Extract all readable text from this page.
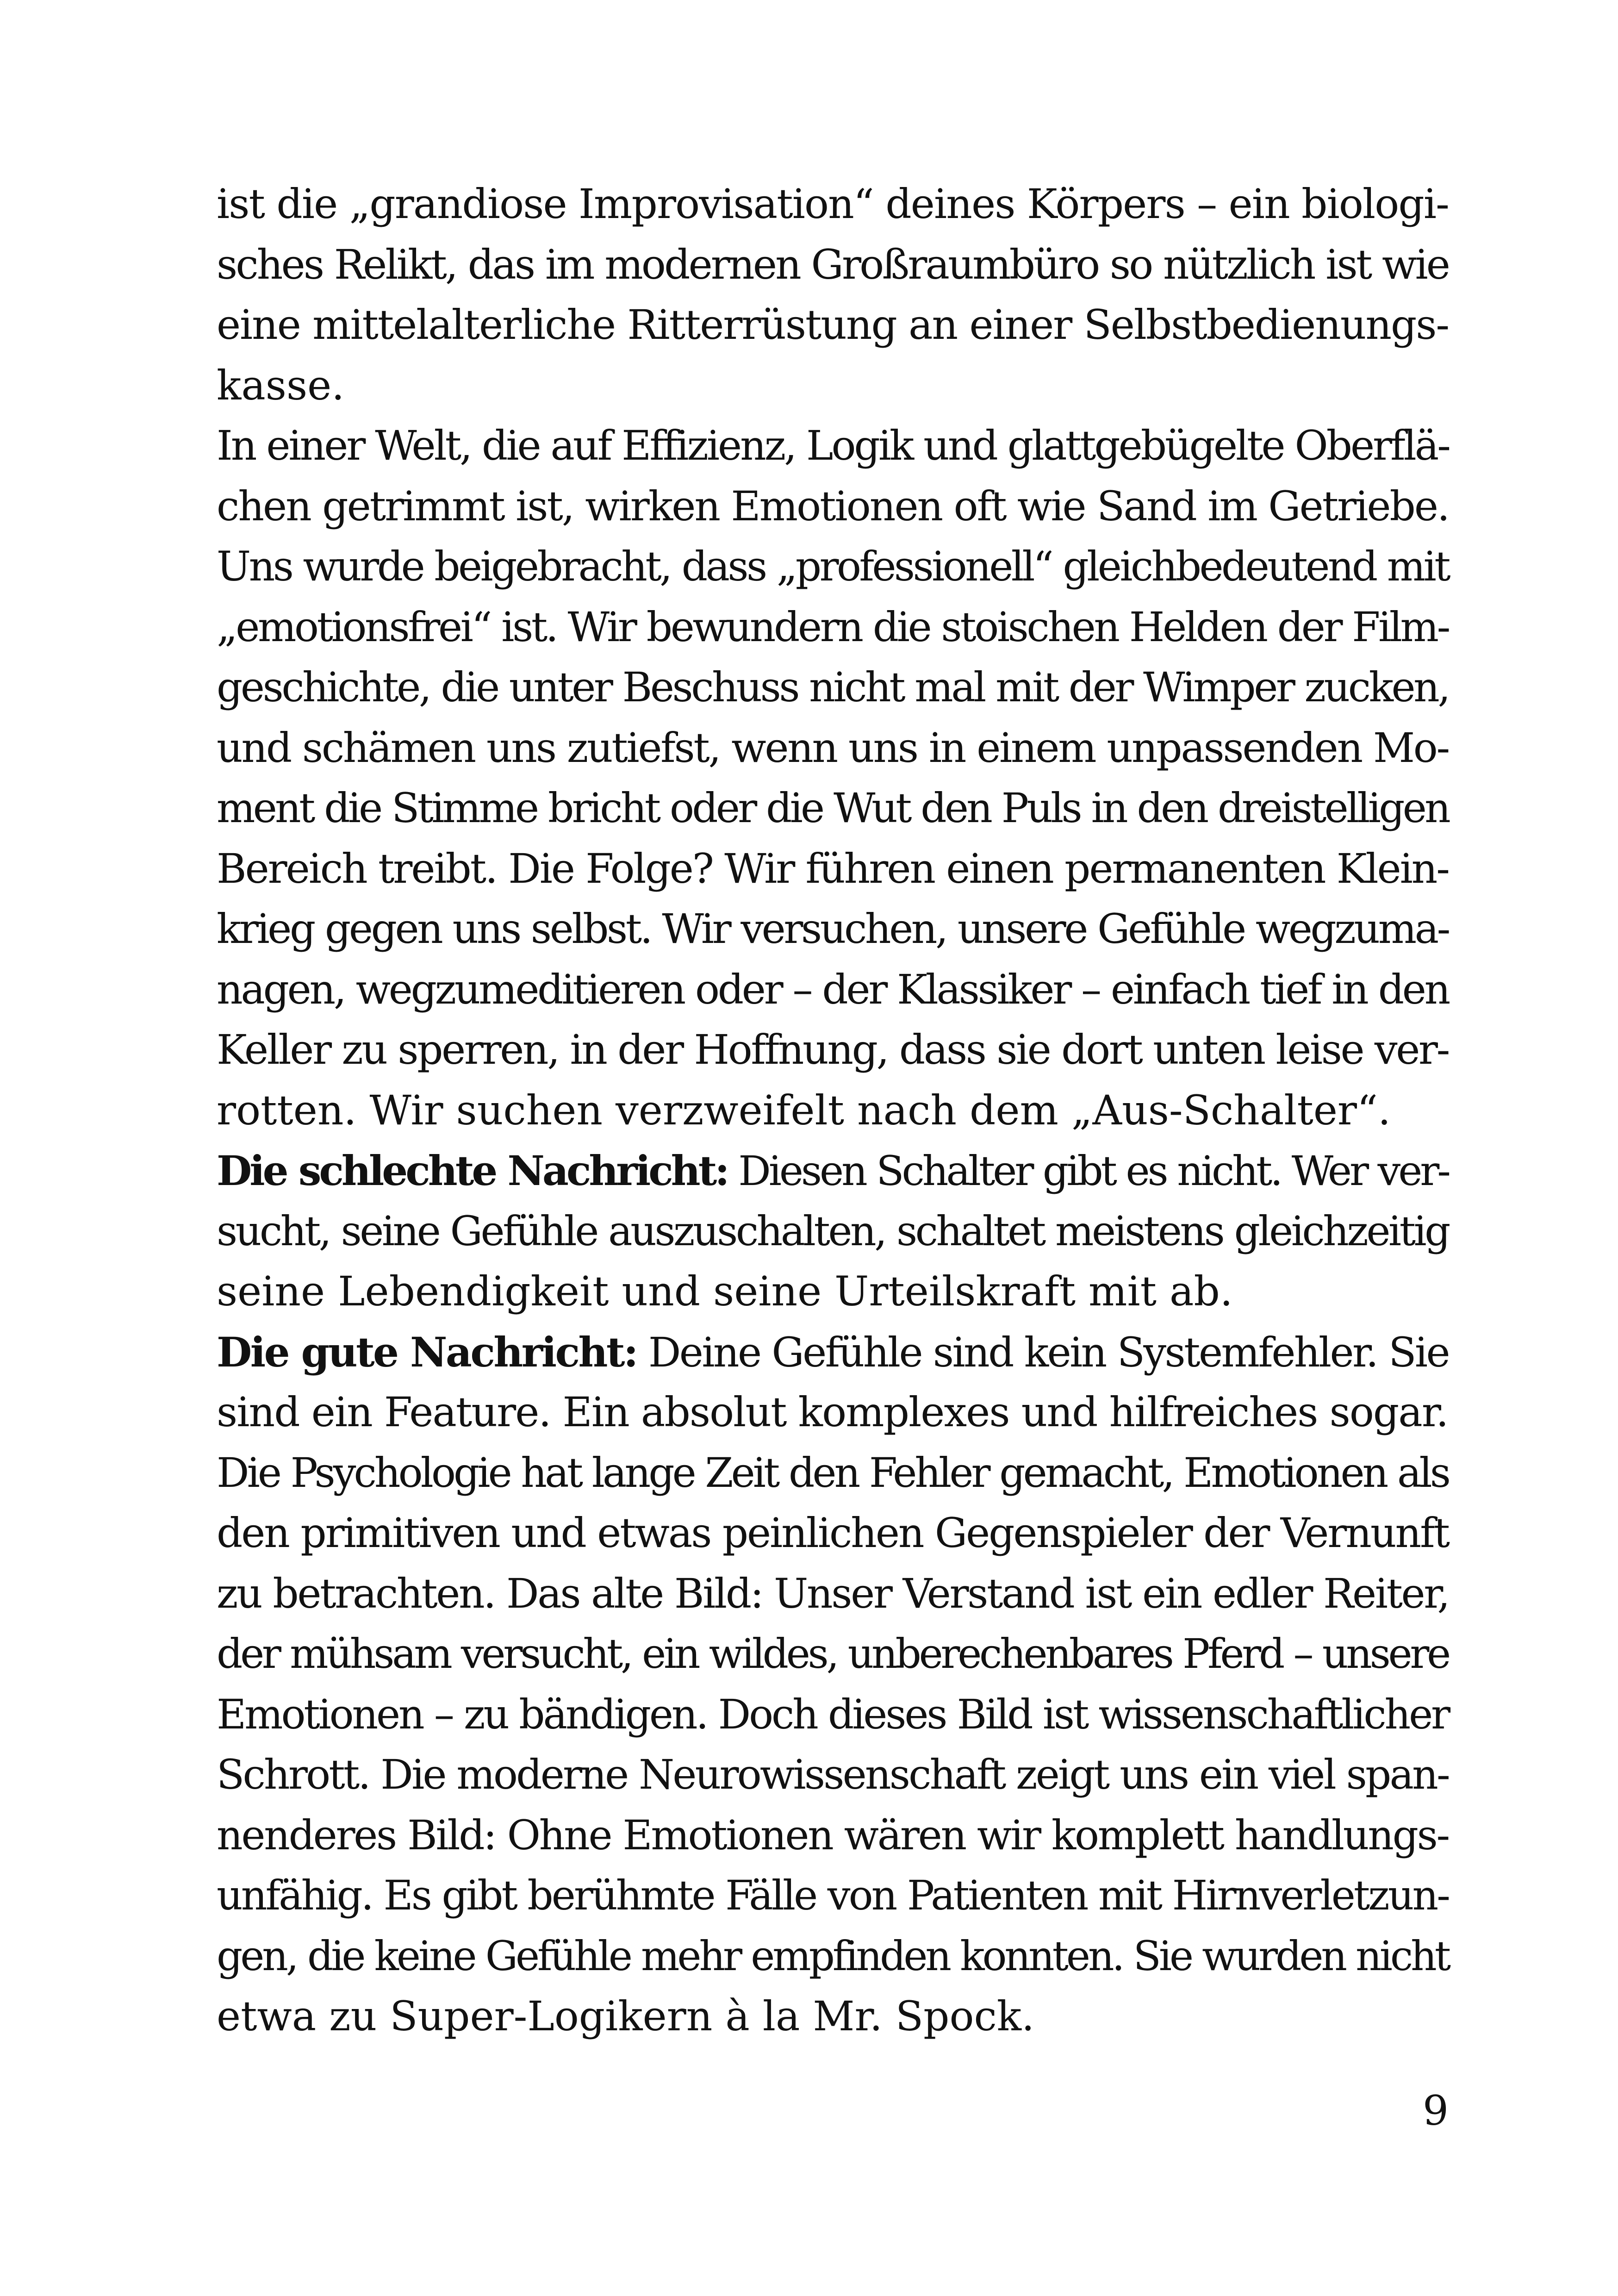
ist die „grandiose Improvisation“ deines Körpers – ein biologi-
sches Relikt, das im modernen Großraumbüro so nützlich ist wie
eine mittelalterliche Ritterrüstung an einer Selbstbedienungs-
kasse.
In einer Welt, die auf Effizienz, Logik und glattgebügelte Oberflä-
chen getrimmt ist, wirken Emotionen oft wie Sand im Getriebe.
Uns wurde beigebracht, dass „professionell“ gleichbedeutend mit
„emotionsfrei“ ist. Wir bewundern die stoischen Helden der Film-
geschichte, die unter Beschuss nicht mal mit der Wimper zucken,
und schämen uns zutiefst, wenn uns in einem unpassenden Mo-
ment die Stimme bricht oder die Wut den Puls in den dreistelligen
Bereich treibt. Die Folge? Wir führen einen permanenten Klein-
krieg gegen uns selbst. Wir versuchen, unsere Gefühle wegzuma-
nagen, wegzumeditieren oder – der Klassiker – einfach tief in den
Keller zu sperren, in der Hoffnung, dass sie dort unten leise ver-
rotten. Wir suchen verzweifelt nach dem „Aus-Schalter“.
Die schlechte Nachricht: Diesen Schalter gibt es nicht. Wer ver-
sucht, seine Gefühle auszuschalten, schaltet meistens gleichzeitig
seine Lebendigkeit und seine Urteilskraft mit ab.
Die gute Nachricht: Deine Gefühle sind kein Systemfehler. Sie
sind ein Feature. Ein absolut komplexes und hilfreiches sogar.
Die Psychologie hat lange Zeit den Fehler gemacht, Emotionen als
den primitiven und etwas peinlichen Gegenspieler der Vernunft
zu betrachten. Das alte Bild: Unser Verstand ist ein edler Reiter,
der mühsam versucht, ein wildes, unberechenbares Pferd – unsere
Emotionen – zu bändigen. Doch dieses Bild ist wissenschaftlicher
Schrott. Die moderne Neurowissenschaft zeigt uns ein viel span-
nenderes Bild: Ohne Emotionen wären wir komplett handlungs-
unfähig. Es gibt berühmte Fälle von Patienten mit Hirnverletzun-
gen, die keine Gefühle mehr empfinden konnten. Sie wurden nicht
etwa zu Super-Logikern à la Mr. Spock.
9
